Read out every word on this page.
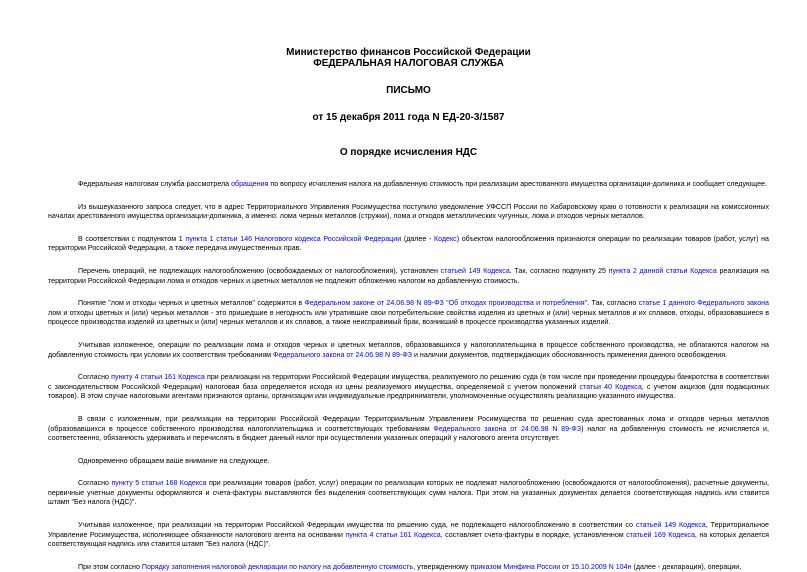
Министерство финансов Российской Федерации
ФЕДЕРАЛЬНАЯ НАЛОГОВАЯ СЛУЖБА
ПИСЬМО
от 15 декабря 2011 года N ЕД-20-3/1587
О порядке исчисления НДС

Федеральная налоговая служба рассмотрела обращения по вопросу исчисления налога на добавленную стоимость при реализации арестованного имущества организации-должника и сообщает следующее.

Из вышеуказанного запроса следует, что в адрес Территориального Управления Росимущества поступило уведомление УФССП России по Хабаровскому краю о готовности к реализации на комиссионных началах арестованного имущества организации-должника, а именно: лома черных металлов (стружки), лома и отходов металлических чугунных, лома и отходов черных металлов.

В соответствии с подпунктом 1 пункта 1 статьи 146 Налогового кодекса Российской Федерации (далее - Кодекс) объектом налогообложения признаются операции по реализации товаров (работ, услуг) на территории Российской Федерации, а также передача имущественных прав.

Перечень операций, не подлежащих налогообложению (освобождаемых от налогообложения), установлен статьей 149 Кодекса. Так, согласно подпункту 25 пункта 2 данной статьи Кодекса реализация на территории Российской Федерации лома и отходов черных и цветных металлов не подлежит обложению налогом на добавленную стоимость.

Понятие "лом и отходы черных и цветных металлов" содержится в Федеральном законе от 24.06.98 N 89-ФЗ "Об отходах производства и потребления". Так, согласно статье 1 данного Федерального закона лом и отходы цветных и (или) черных металлов - это пришедшие в негодность или утратившие свои потребительские свойства изделия из цветных и (или) черных металлов и их сплавов, отходы, образовавшиеся в процессе производства изделий из цветных и (или) черных металлов и их сплавов, а также неисправимый брак, возникший в процессе производства указанных изделий.

Учитывая изложенное, операции по реализации лома и отходов черных и цветных металлов, образовавшихся у налогоплательщика в процессе собственного производства, не облагаются налогом на добавленную стоимость при условии их соответствия требованиям Федерального закона от 24.06.98 N 89-ФЗ и наличии документов, подтверждающих обоснованность применения данного освобождения.

Согласно пункту 4 статьи 161 Кодекса при реализации на территории Российской Федерации имущества, реализуемого по решению суда (в том числе при проведении процедуры банкротства в соответствии с законодательством Российской Федерации) налоговая база определяется исходя из цены реализуемого имущества, определяемой с учетом положений статьи 40 Кодекса, с учетом акцизов (для подакцизных товаров). В этом случае налоговыми агентами признаются органы, организации или индивидуальные предприниматели, уполномоченные осуществлять реализацию указанного имущества.

В связи с изложенным, при реализации на территории Российской Федерации Территориальным Управлением Росимущества по решению суда арестованных лома и отходов черных металлов (образовавшихся в процессе собственного производства налогоплательщика и соответствующих требованиям Федерального закона от 24.06.98 N 89-ФЗ) налог на добавленную стоимость не исчисляется и, соответственно, обязанность удерживать и перечислять в бюджет данный налог при осуществлении указанных операций у налогового агента отсутствует.

Одновременно обращаем ваше внимание на следующее.

Согласно пункту 5 статьи 168 Кодекса при реализации товаров (работ, услуг) операции по реализации которых не подлежат налогообложению (освобождаются от налогообложения), расчетные документы, первичные учетные документы оформляются и счета-фактуры выставляются без выделения соответствующих сумм налога. При этом на указанных документах делается соответствующая надпись или ставится штамп "Без налога (НДС)".

Учитывая изложенное, при реализации на территории Российской Федерации имущества по решению суда, не подлежащего налогообложению в соответствии со статьей 149 Кодекса, Территориальное Управление Росимущества, исполняющее обязанности налогового агента на основании пункта 4 статьи 161 Кодекса, составляет счета-фактуры в порядке, установленном статьей 169 Кодекса, на которых делается соответствующая надпись или ставится штамп "Без налога (НДС)".

При этом согласно Порядку заполнения налоговой декларации по налогу на добавленную стоимость, утвержденному приказом Минфина России от 15.10.2009 N 104н (далее - декларация), операции,
